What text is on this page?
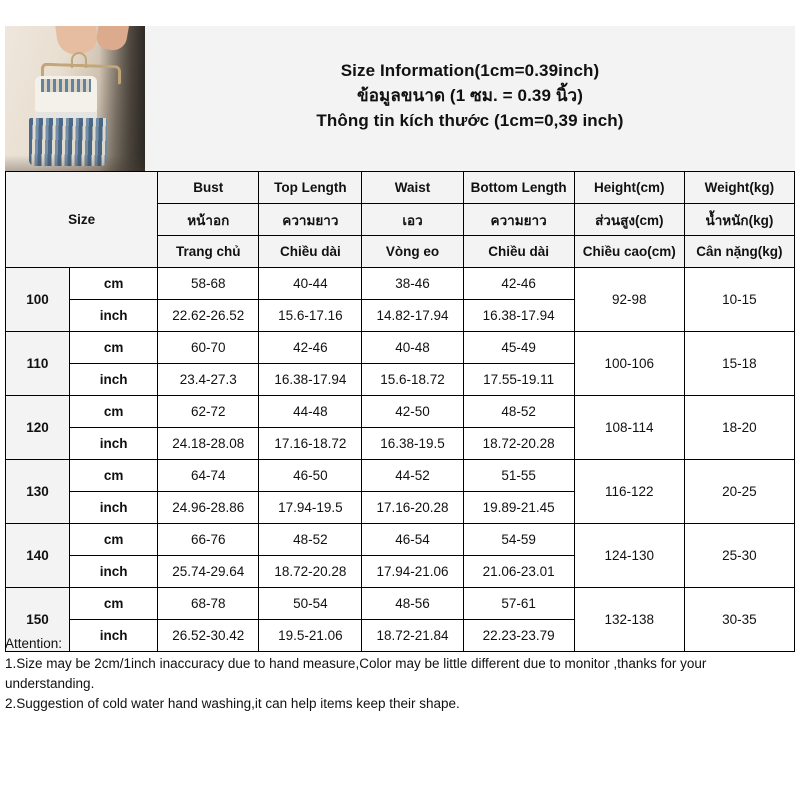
Size Information(1cm=0.39inch)
ข้อมูลขนาด (1 ซม. = 0.39 นิ้ว)
Thông tin kích thước (1cm=0,39 inch)
Size		Bust	Top Length	Waist	Bottom Length	Height(cm)	Weight(kg)
		หน้าอก	ความยาว	เอว	ความยาว	ส่วนสูง(cm)	น้ำหนัก(kg)
		Trang chủ	Chiều dài	Vòng eo	Chiều dài	Chiều cao(cm)	Cân nặng(kg)
100	cm	58-68	40-44	38-46	42-46	92-98	10-15
	inch	22.62-26.52	15.6-17.16	14.82-17.94	16.38-17.94		
110	cm	60-70	42-46	40-48	45-49	100-106	15-18
	inch	23.4-27.3	16.38-17.94	15.6-18.72	17.55-19.11		
120	cm	62-72	44-48	42-50	48-52	108-114	18-20
	inch	24.18-28.08	17.16-18.72	16.38-19.5	18.72-20.28		
130	cm	64-74	46-50	44-52	51-55	116-122	20-25
	inch	24.96-28.86	17.94-19.5	17.16-20.28	19.89-21.45		
140	cm	66-76	48-52	46-54	54-59	124-130	25-30
	inch	25.74-29.64	18.72-20.28	17.94-21.06	21.06-23.01		
150	cm	68-78	50-54	48-56	57-61	132-138	30-35
	inch	26.52-30.42	19.5-21.06	18.72-21.84	22.23-23.79		
Attention:
1.Size may be 2cm/1inch inaccuracy due to hand measure,Color may be little different due to monitor ,thanks for your understanding.
2.Suggestion of cold water hand washing,it can help items keep their shape.
